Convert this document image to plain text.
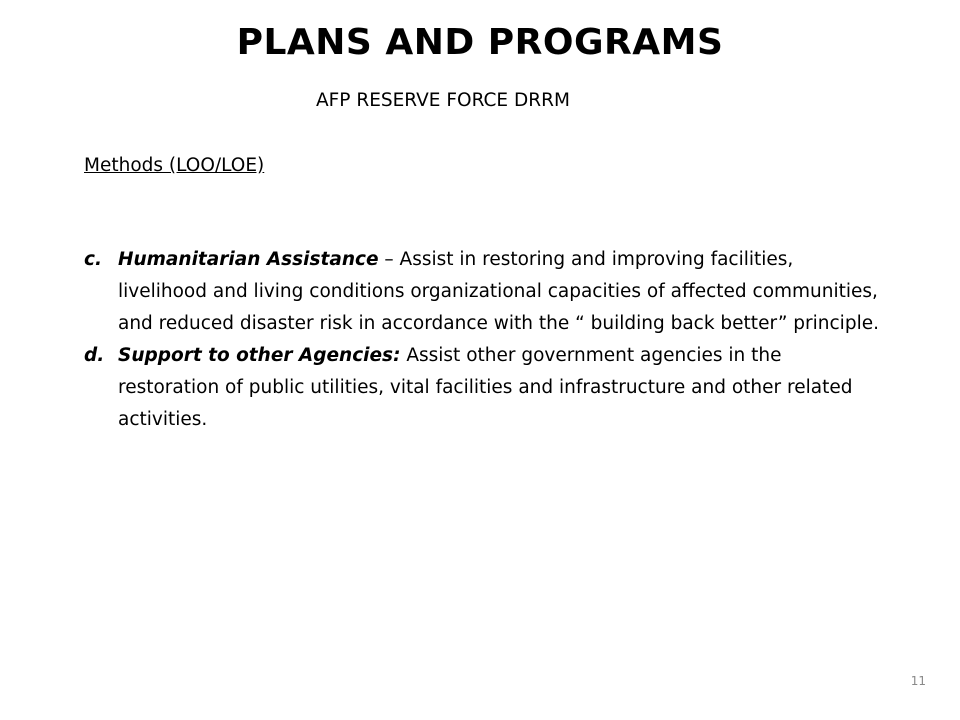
PLANS AND PROGRAMS

AFP RESERVE FORCE DRRM

Methods (LOO/LOE)

c. Humanitarian Assistance – Assist in restoring and improving facilities, livelihood and living conditions organizational capacities of affected communities, and reduced disaster risk in accordance with the “ building back better” principle.
d. Support to other Agencies: Assist other government agencies in the restoration of public utilities, vital facilities and infrastructure and other related activities.

11
